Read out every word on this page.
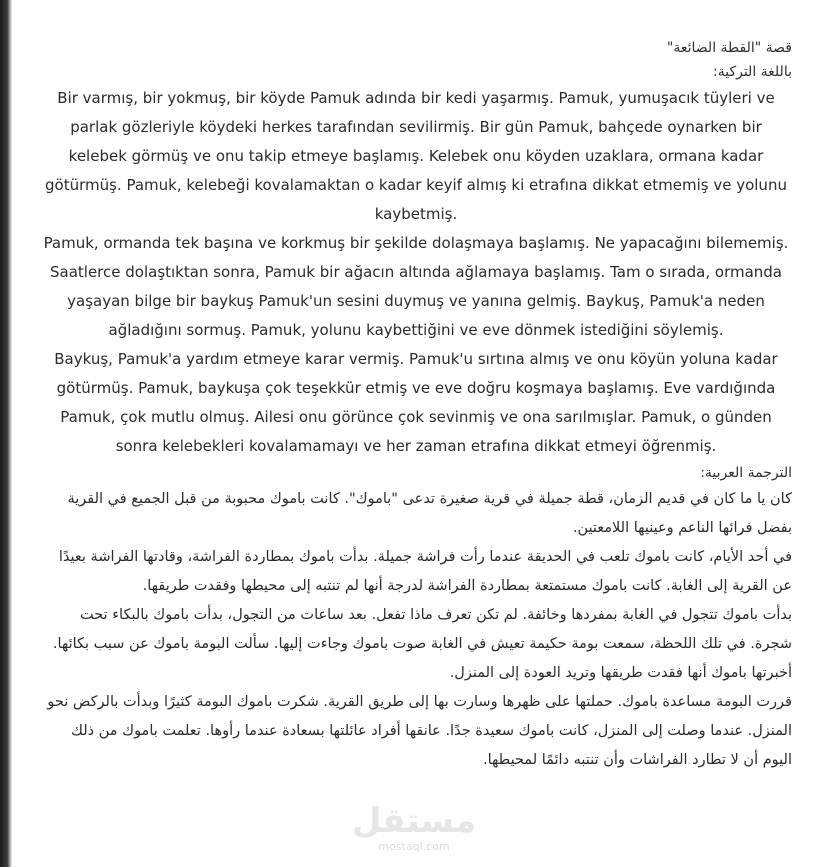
قصة "القطة الضائعة"

باللغة التركية:

Bir varmış, bir yokmuş, bir köyde Pamuk adında bir kedi yaşarmış. Pamuk, yumuşacık tüyleri ve parlak gözleriyle köydeki herkes tarafından sevilirmiş. Bir gün Pamuk, bahçede oynarken bir kelebek görmüş ve onu takip etmeye başlamış. Kelebek onu köyden uzaklara, ormana kadar götürmüş. Pamuk, kelebeği kovalamaktan o kadar keyif almış ki etrafına dikkat etmemiş ve yolunu kaybetmiş.

Pamuk, ormanda tek başına ve korkmuş bir şekilde dolaşmaya başlamış. Ne yapacağını bilememiş. Saatlerce dolaştıktan sonra, Pamuk bir ağacın altında ağlamaya başlamış. Tam o sırada, ormanda yaşayan bilge bir baykuş Pamuk'un sesini duymuş ve yanına gelmiş. Baykuş, Pamuk'a neden ağladığını sormuş. Pamuk, yolunu kaybettiğini ve eve dönmek istediğini söylemiş.

Baykuş, Pamuk'a yardım etmeye karar vermiş. Pamuk'u sırtına almış ve onu köyün yoluna kadar götürmüş. Pamuk, baykuşa çok teşekkür etmiş ve eve doğru koşmaya başlamış. Eve vardığında Pamuk, çok mutlu olmuş. Ailesi onu görünce çok sevinmiş ve ona sarılmışlar. Pamuk, o günden sonra kelebekleri kovalamamayı ve her zaman etrafına dikkat etmeyi öğrenmiş.

الترجمة العربية:

كان يا ما كان في قديم الزمان، قطة جميلة في قرية صغيرة تدعى "باموك". كانت باموك محبوبة من قبل الجميع في القرية بفضل فرائها الناعم وعينيها اللامعتين.

في أحد الأيام، كانت باموك تلعب في الحديقة عندما رأت فراشة جميلة. بدأت باموك بمطاردة الفراشة، وقادتها الفراشة بعيدًا عن القرية إلى الغابة. كانت باموك مستمتعة بمطاردة الفراشة لدرجة أنها لم تنتبه إلى محيطها وفقدت طريقها.

بدأت باموك تتجول في الغابة بمفردها وخائفة. لم تكن تعرف ماذا تفعل. بعد ساعات من التجول، بدأت باموك بالبكاء تحت شجرة. في تلك اللحظة، سمعت بومة حكيمة تعيش في الغابة صوت باموك وجاءت إليها. سألت البومة باموك عن سبب بكائها. أخبرتها باموك أنها فقدت طريقها وتريد العودة إلى المنزل.

قررت البومة مساعدة باموك. حملتها على ظهرها وسارت بها إلى طريق القرية. شكرت باموك البومة كثيرًا وبدأت بالركض نحو المنزل. عندما وصلت إلى المنزل، كانت باموك سعيدة جدًا. عانقها أفراد عائلتها بسعادة عندما رأوها. تعلمت باموك من ذلك اليوم أن لا تطارد الفراشات وأن تنتبه دائمًا لمحيطها.

مستقل
mostaql.com
